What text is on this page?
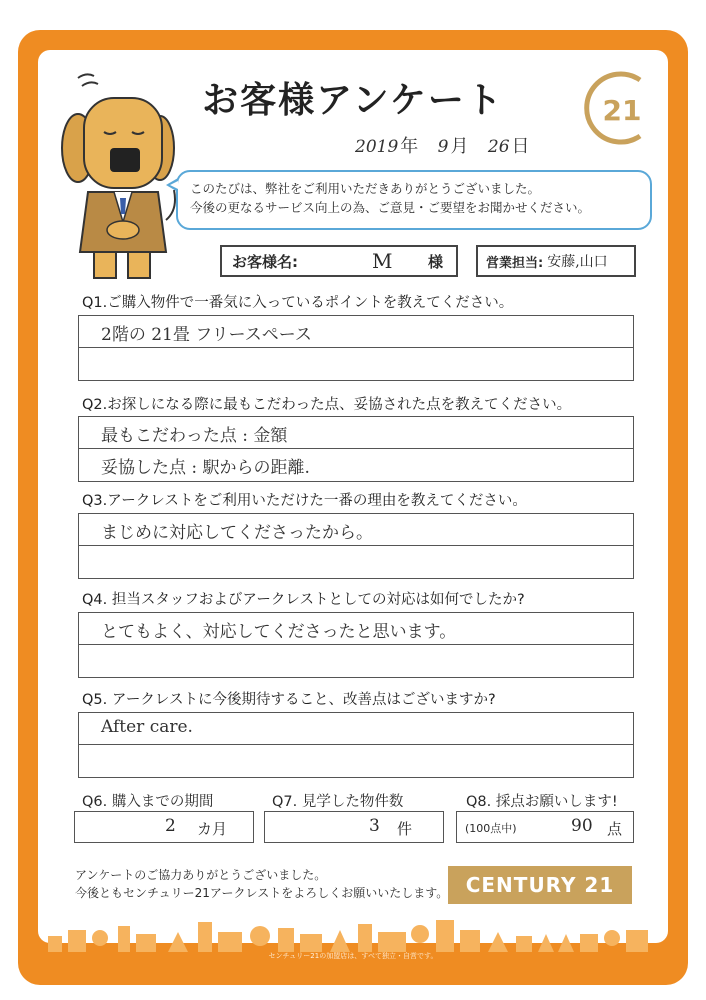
お客様アンケート	21
2019 年 9 月 26 日
このたびは、弊社をご利用いただきありがとうございました。
今後の更なるサービス向上の為、ご意見・ご要望をお聞かせください。
お客様名:	M 様	営業担当: 安藤,山口
Q1.ご購入物件で一番気に入っているポイントを教えてください。
2階の 21畳 フリースペース
Q2.お探しになる際に最もこだわった点、妥協された点を教えてください。
最もこだわった点 : 金額
妥協した点 : 駅からの距離.
Q3.アークレストをご利用いただけた一番の理由を教えてください。
まじめに対応してくださったから。
Q4. 担当スタッフおよびアークレストとしての対応は如何でしたか?
とてもよく、対応してくださったと思います。
Q5. アークレストに今後期待すること、改善点はございますか?
After care.
Q6. 購入までの期間	Q7. 見学した物件数	Q8. 採点お願いします!
2 カ月	3 件	(100点中)	90 点
アンケートのご協力ありがとうございました。
今後ともセンチュリー21アークレストをよろしくお願いいたします。 CENTURY 21
センチュリー21の加盟店は、すべて独立・自営です。
